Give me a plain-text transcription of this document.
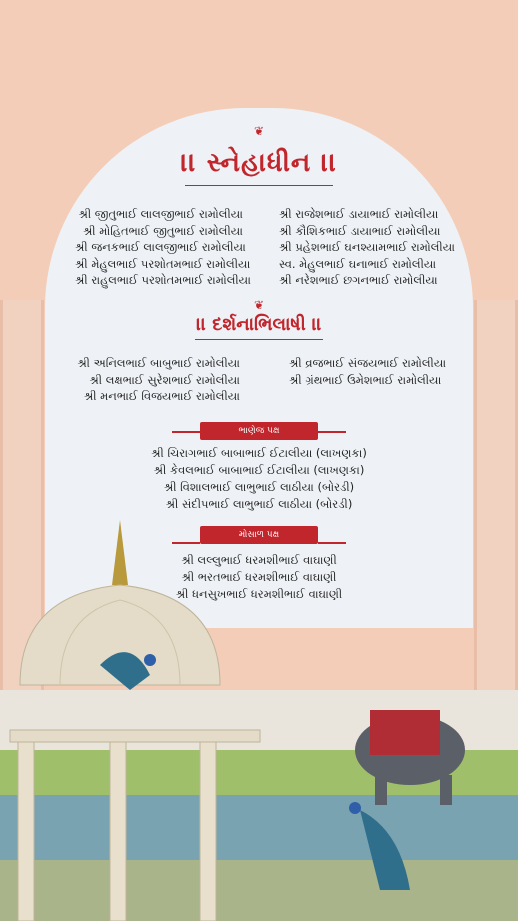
❦
।। સ્નેહાધીન ।।
શ્રી જીતુભાઈ લાલજીભાઈ રામોલીયા
શ્રી મોહિતભાઈ જીતુભાઈ રામોલીયા
શ્રી જનકભાઈ લાલજીભાઈ રામોલીયા
શ્રી મેહુલભાઈ પરશોતમભાઈ રામોલીયા
શ્રી રાહુલભાઈ પરશોતમભાઈ રામોલીયા
શ્રી રાજેશભાઈ ડાયાભાઈ રામોલીયા
શ્રી કૌશિકભાઈ ડાયાભાઈ રામોલીયા
શ્રી પ્રહેશભાઈ ઘનશ્યામભાઈ રામોલીયા
સ્વ. મેહુલભાઈ ઘનાભાઈ રામોલીયા
શ્રી નરેશભાઈ છગનભાઈ રામોલીયા
❦
।। દર્શનાભિલાષી ।।
શ્રી અનિલભાઈ બાબુભાઈ રામોલીયા
શ્રી લક્ષભાઈ સુરેશભાઈ રામોલીયા
શ્રી મનભાઈ વિજયભાઈ રામોલીયા
શ્રી વ્રજભાઈ સંજયભાઈ રામોલીયા
શ્રી ગ્રંથભાઈ ઉમેશભાઈ રામોલીયા
ભાણેજ પક્ષ
શ્રી ચિરાગભાઈ બાબાભાઈ ઈટાલીયા (લાખણકા)
શ્રી કેવલભાઈ બાબાભાઈ ઈટાલીયા (લાખણકા)
શ્રી વિશાલભાઈ લાભુભાઈ લાઠીયા (બોરડી)
શ્રી સંદીપભાઈ લાભુભાઈ લાઠીયા (બોરડી)
મોસાળ પક્ષ
શ્રી લલ્લુભાઈ ધરમશીભાઈ વાઘાણી
શ્રી ભરતભાઈ ધરમશીભાઈ વાઘાણી
શ્રી ધનસુખભાઈ ધરમશીભાઈ વાઘાણી
